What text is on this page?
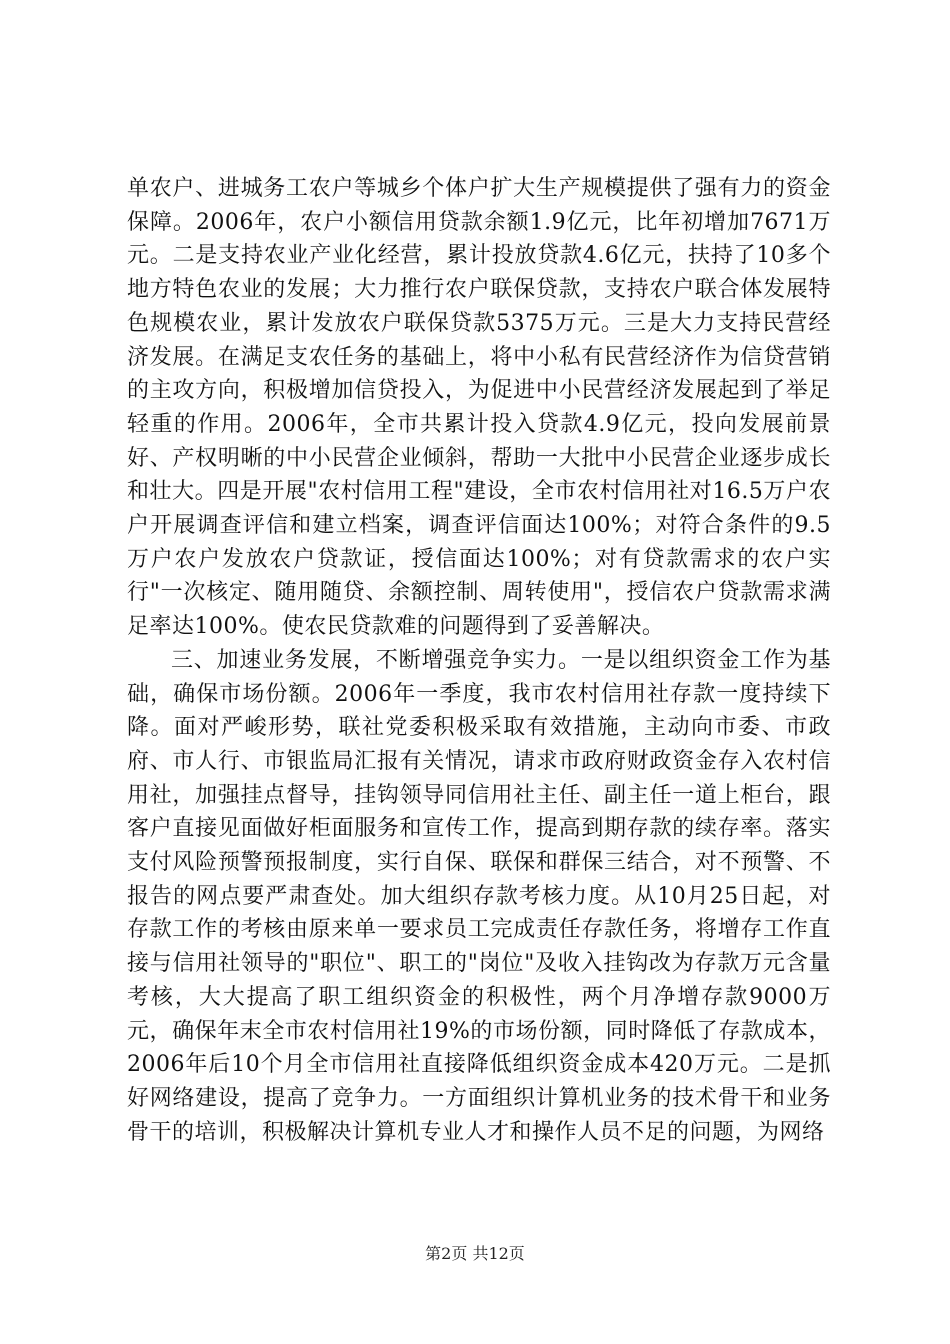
单农户、进城务工农户等城乡个体户扩大生产规模提供了强有力的资金保障。2006年，农户小额信用贷款余额1.9亿元，比年初增加7671万元。二是支持农业产业化经营，累计投放贷款4.6亿元，扶持了10多个地方特色农业的发展；大力推行农户联保贷款，支持农户联合体发展特色规模农业，累计发放农户联保贷款5375万元。三是大力支持民营经济发展。在满足支农任务的基础上，将中小私有民营经济作为信贷营销的主攻方向，积极增加信贷投入，为促进中小民营经济发展起到了举足轻重的作用。2006年，全市共累计投入贷款4.9亿元，投向发展前景好、产权明晰的中小民营企业倾斜，帮助一大批中小民营企业逐步成长和壮大。四是开展"农村信用工程"建设，全市农村信用社对16.5万户农户开展调查评信和建立档案，调查评信面达100%；对符合条件的9.5万户农户发放农户贷款证，授信面达100%；对有贷款需求的农户实行"一次核定、随用随贷、余额控制、周转使用"，授信农户贷款需求满足率达100%。使农民贷款难的问题得到了妥善解决。

三、加速业务发展，不断增强竞争实力。一是以组织资金工作为基础，确保市场份额。2006年一季度，我市农村信用社存款一度持续下降。面对严峻形势，联社党委积极采取有效措施，主动向市委、市政府、市人行、市银监局汇报有关情况，请求市政府财政资金存入农村信用社，加强挂点督导，挂钩领导同信用社主任、副主任一道上柜台，跟客户直接见面做好柜面服务和宣传工作，提高到期存款的续存率。落实支付风险预警预报制度，实行自保、联保和群保三结合，对不预警、不报告的网点要严肃查处。加大组织存款考核力度。从10月25日起，对存款工作的考核由原来单一要求员工完成责任存款任务，将增存工作直接与信用社领导的"职位"、职工的"岗位"及收入挂钩改为存款万元含量考核，大大提高了职工组织资金的积极性，两个月净增存款9000万元，确保年末全市农村信用社19%的市场份额，同时降低了存款成本，2006年后10个月全市信用社直接降低组织资金成本420万元。二是抓好网络建设，提高了竞争力。一方面组织计算机业务的技术骨干和业务骨干的培训，积极解决计算机专业人才和操作人员不足的问题，为网络

第2页 共12页
